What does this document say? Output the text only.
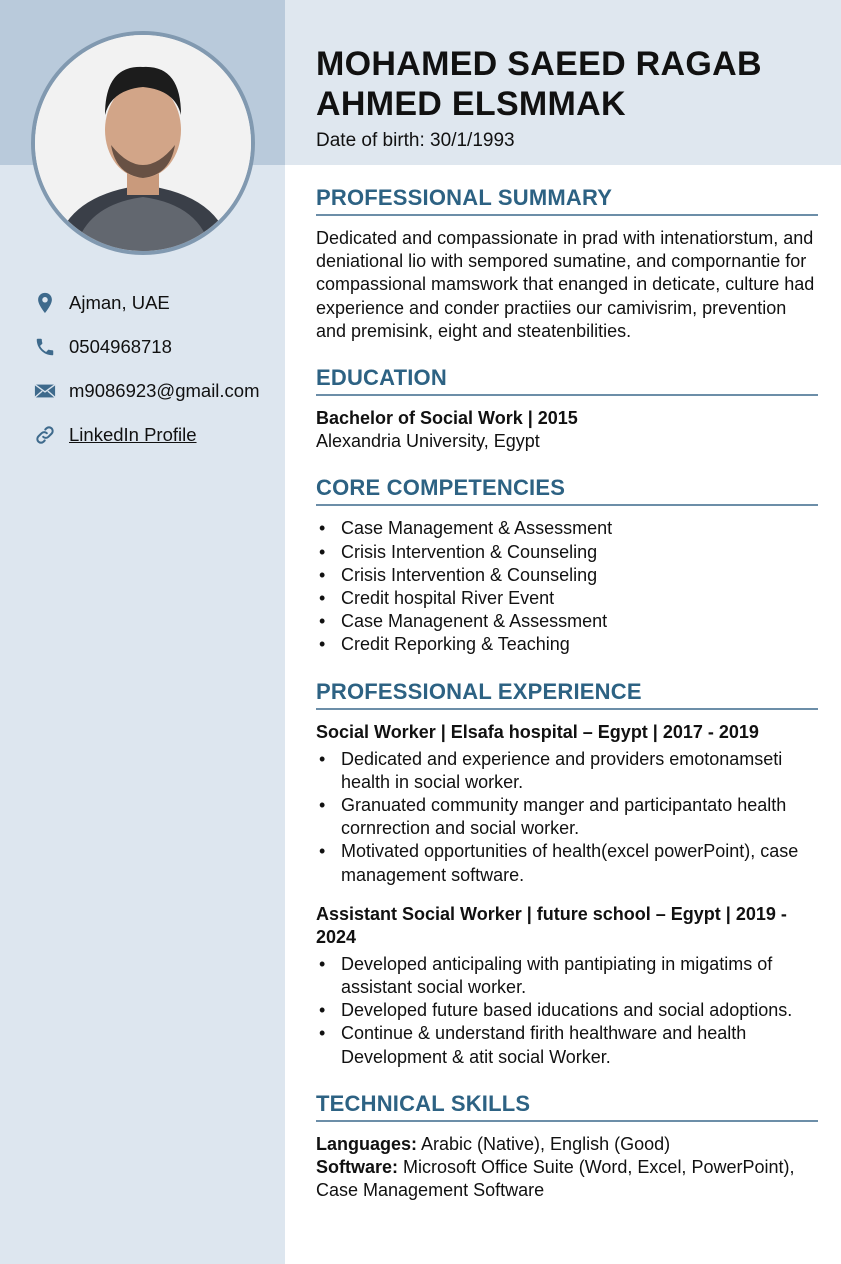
MOHAMED SAEED RAGAB
AHMED ELSMMAK
Date of birth: 30/1/1993
Ajman, UAE
0504968718
m9086923@gmail.com
LinkedIn Profile
PROFESSIONAL SUMMARY
Dedicated and compassionate in prad with intenatiorstum, and deniational lio with sempored sumatine, and compornantie for compassional mamswork that enanged in deticate, culture had experience and conder practiies our camivisrim, prevention and premisink, eight and steatenbilities.
EDUCATION
Bachelor of Social Work | 2015
Alexandria University, Egypt
CORE COMPETENCIES
• Case Management & Assessment
• Crisis Intervention & Counseling
• Crisis Intervention & Counseling
• Credit hospital River Event
• Case Managenent & Assessment
• Credit Reporking & Teaching
PROFESSIONAL EXPERIENCE
Social Worker | Elsafa hospital – Egypt | 2017 - 2019
• Dedicated and experience and providers emotonamseti health in social worker.
• Granuated community manger and participantato health cornrection and social worker.
• Motivated opportunities of health(excel powerPoint), case management software.
Assistant Social Worker | future school – Egypt | 2019 - 2024
• Developed anticipaling with pantipiating in migatims of assistant social worker.
• Developed future based iducations and social adoptions.
• Continue & understand firith healthware and health Development & atit social Worker.
TECHNICAL SKILLS
Languages: Arabic (Native), English (Good)
Software: Microsoft Office Suite (Word, Excel, PowerPoint), Case Management Software
